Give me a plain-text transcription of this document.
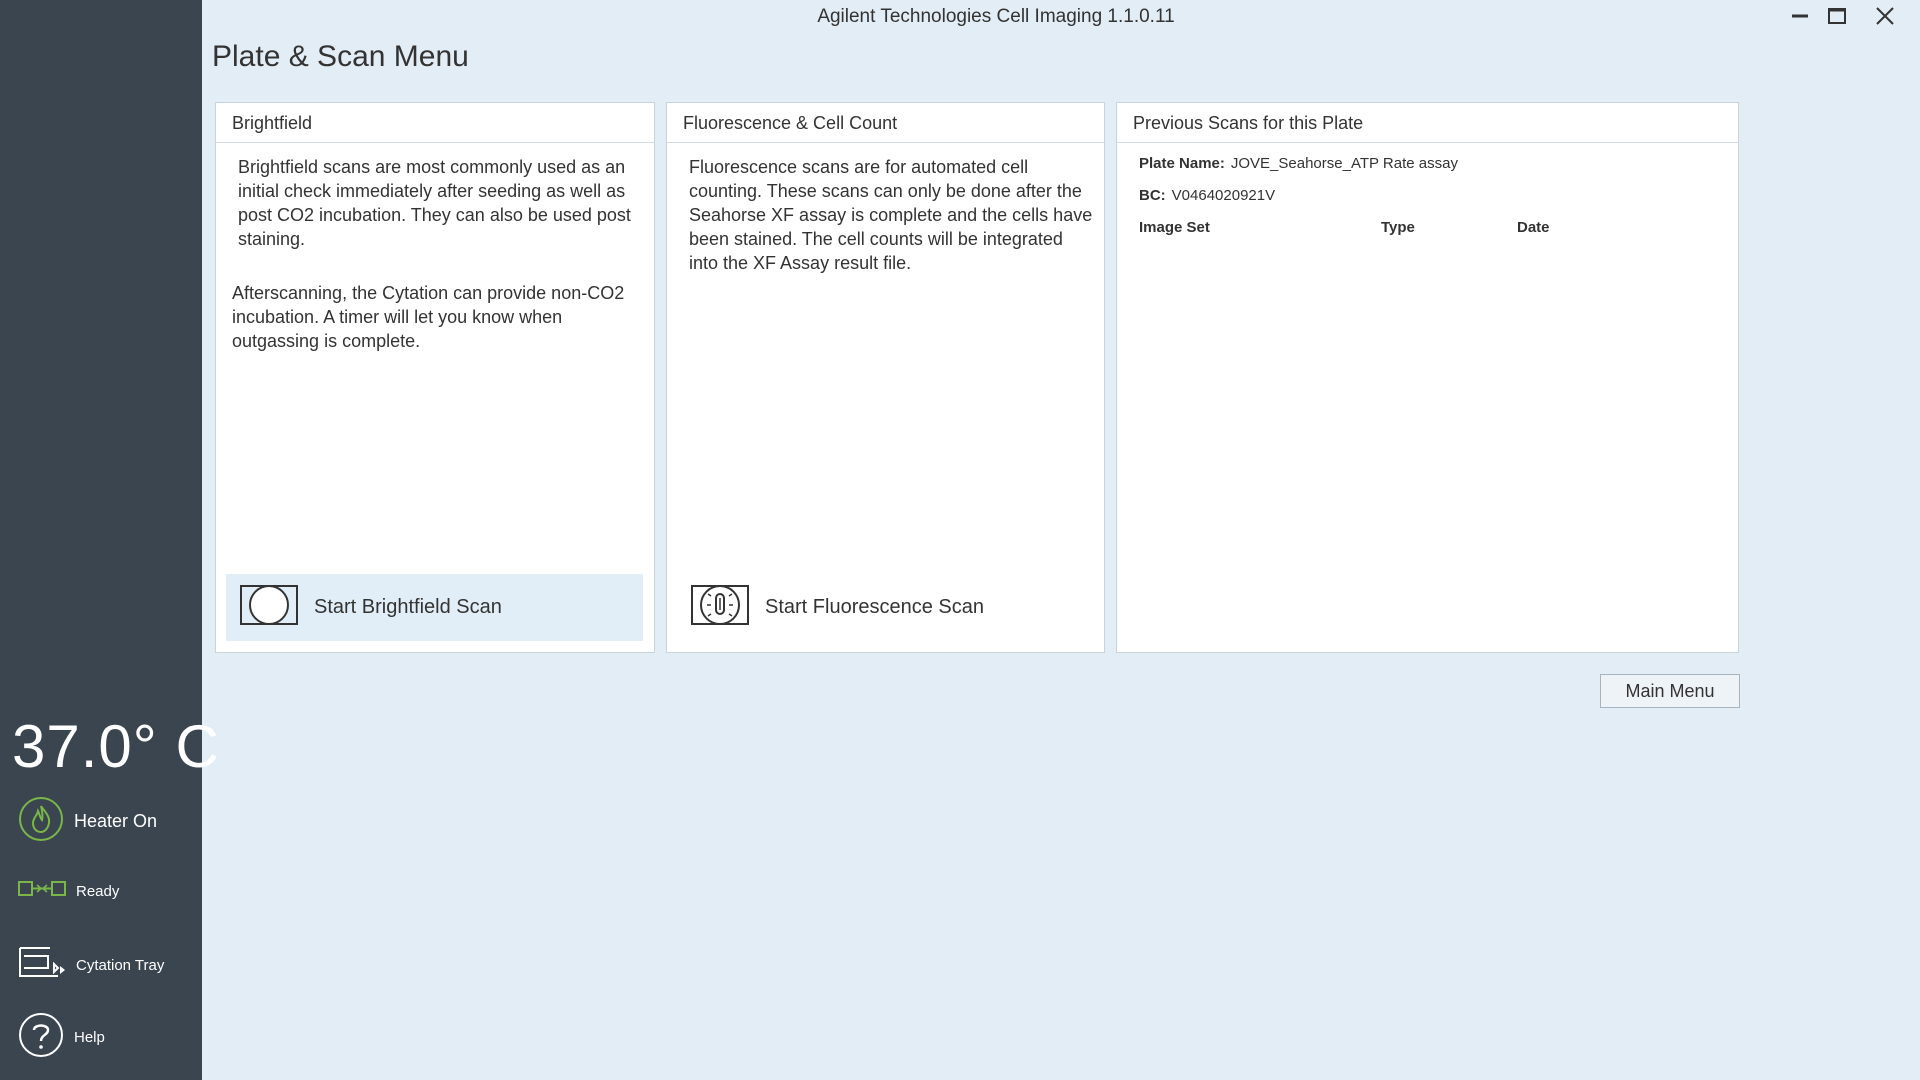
37.0° C
Heater On
Ready
Cytation Tray
Help
Agilent Technologies Cell Imaging 1.1.0.11
Plate & Scan Menu
Brightfield
Brightfield scans are most commonly used as an initial check immediately after seeding as well as post CO2 incubation. They can also be used post staining.
Afterscanning, the Cytation can provide non-CO2 incubation. A timer will let you know when outgassing is complete.
Start Brightfield Scan
Fluorescence & Cell Count
Fluorescence scans are for automated cell counting. These scans can only be done after the Seahorse XF assay is complete and the cells have been stained. The cell counts will be integrated into the XF Assay result file.
Start Fluorescence Scan
Previous Scans for this Plate
Plate Name: JOVE_Seahorse_ATP Rate assay
BC: V0464020921V
Image Set	Type	Date
Main Menu
